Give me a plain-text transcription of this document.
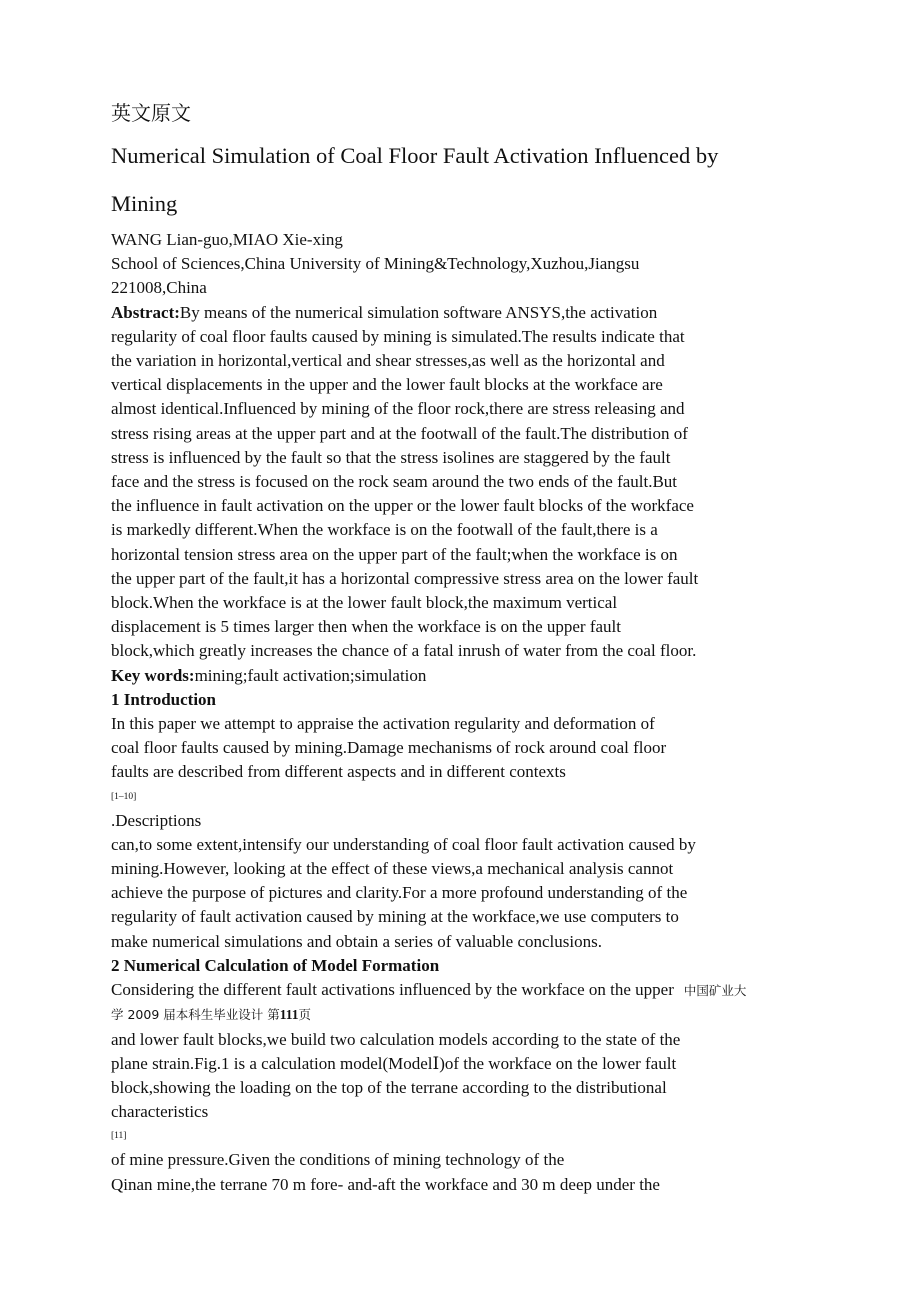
英文原文
Numerical Simulation of Coal Floor Fault Activation Influenced by
Mining
WANG Lian-guo,MIAO Xie-xing
School of Sciences,China University of Mining&Technology,Xuzhou,Jiangsu
221008,China
Abstract:By means of the numerical simulation software ANSYS,the activation
regularity of coal floor faults caused by mining is simulated.The results indicate that
the variation in horizontal,vertical and shear stresses,as well as the horizontal and
vertical displacements in the upper and the lower fault blocks at the workface are
almost identical.Influenced by mining of the floor rock,there are stress releasing and
stress rising areas at the upper part and at the footwall of the fault.The distribution of
stress is influenced by the fault so that the stress isolines are staggered by the fault
face and the stress is focused on the rock seam around the two ends of the fault.But
the influence in fault activation on the upper or the lower fault blocks of the workface
is markedly different.When the workface is on the footwall of the fault,there is a
horizontal tension stress area on the upper part of the fault;when the workface is on
the upper part of the fault,it has a horizontal compressive stress area on the lower fault
block.When the workface is at the lower fault block,the maximum vertical
displacement is 5 times larger then when the workface is on the upper fault
block,which greatly increases the chance of a fatal inrush of water from the coal floor.
Key words:mining;fault activation;simulation
1 Introduction
In this paper we attempt to appraise the activation regularity and deformation of
coal floor faults caused by mining.Damage mechanisms of rock around coal floor
faults are described from different aspects and in different contexts
[1–10]
.Descriptions
can,to some extent,intensify our understanding of coal floor fault activation caused by
mining.However, looking at the effect of these views,a mechanical analysis cannot
achieve the purpose of pictures and clarity.For a more profound understanding of the
regularity of fault activation caused by mining at the workface,we use computers to
make numerical simulations and obtain a series of valuable conclusions.
2 Numerical Calculation of Model Formation
Considering the different fault activations influenced by the workface on the upper 中国矿业大
学 2009 届本科生毕业设计 第111页
and lower fault blocks,we build two calculation models according to the state of the
plane strain.Fig.1 is a calculation model(ModelⅠ)of the workface on the lower fault
block,showing the loading on the top of the terrane according to the distributional
characteristics
[11]
of mine pressure.Given the conditions of mining technology of the
Qinan mine,the terrane 70 m fore- and-aft the workface and 30 m deep under the
